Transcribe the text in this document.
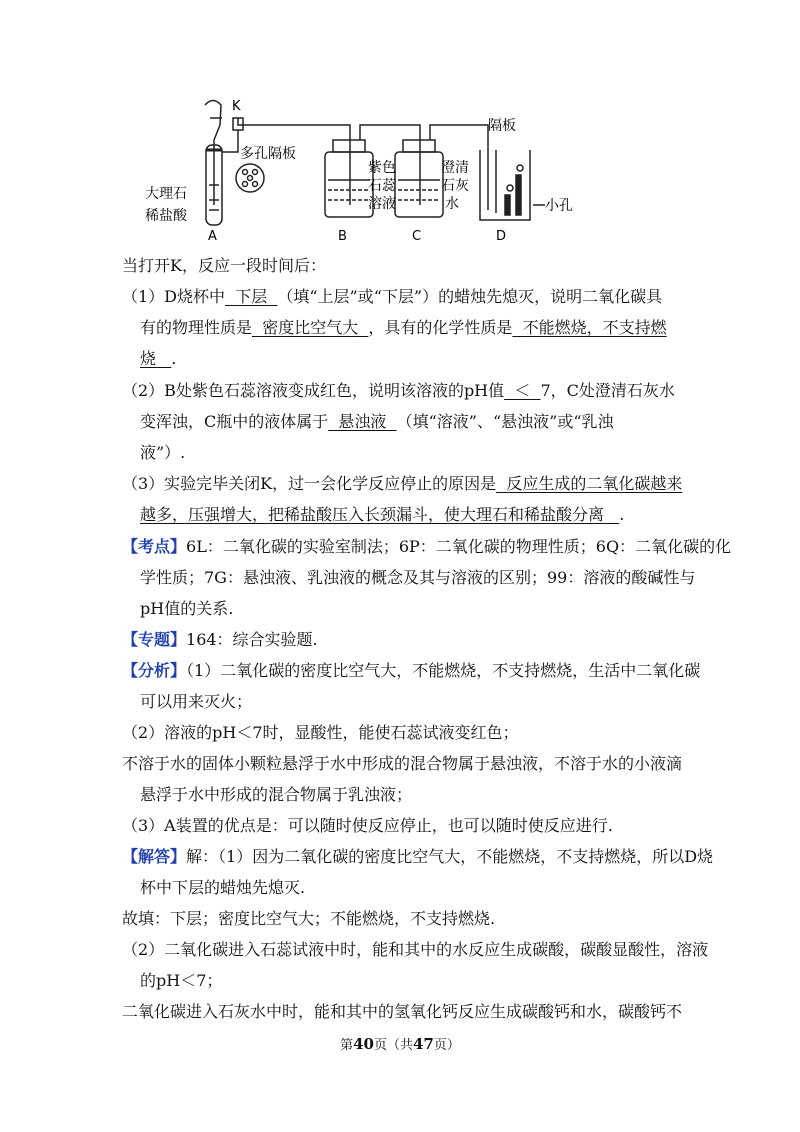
K
多孔隔板
大理石
稀盐酸
紫色
石蕊
溶液
澄清
石灰
水
隔板
小孔
A	B	C	D
当打开K，反应一段时间后：
（1）D烧杯中 下层 （填“上层”或“下层”）的蜡烛先熄灭，说明二氧化碳具
有的物理性质是 密度比空气大 ，具有的化学性质是 不能燃烧，不支持燃
烧 .
（2）B处紫色石蕊溶液变成红色，说明该溶液的pH值 ＜ 7，C处澄清石灰水
变浑浊，C瓶中的液体属于 悬浊液 （填“溶液”、“悬浊液”或“乳浊
液”）.
（3）实验完毕关闭K，过一会化学反应停止的原因是 反应生成的二氧化碳越来
越多，压强增大，把稀盐酸压入长颈漏斗，使大理石和稀盐酸分离 .
【考点】6L：二氧化碳的实验室制法；6P：二氧化碳的物理性质；6Q：二氧化碳的化
学性质；7G：悬浊液、乳浊液的概念及其与溶液的区别；99：溶液的酸碱性与
pH值的关系.
【专题】164：综合实验题.
【分析】（1）二氧化碳的密度比空气大，不能燃烧，不支持燃烧，生活中二氧化碳
可以用来灭火；
（2）溶液的pH＜7时，显酸性，能使石蕊试液变红色；
不溶于水的固体小颗粒悬浮于水中形成的混合物属于悬浊液，不溶于水的小液滴
悬浮于水中形成的混合物属于乳浊液；
（3）A装置的优点是：可以随时使反应停止，也可以随时使反应进行.
【解答】解：（1）因为二氧化碳的密度比空气大，不能燃烧，不支持燃烧，所以D烧
杯中下层的蜡烛先熄灭.
故填：下层；密度比空气大；不能燃烧，不支持燃烧.
（2）二氧化碳进入石蕊试液中时，能和其中的水反应生成碳酸，碳酸显酸性，溶液
的pH＜7；
二氧化碳进入石灰水中时，能和其中的氢氧化钙反应生成碳酸钙和水，碳酸钙不
第40页（共47页）
